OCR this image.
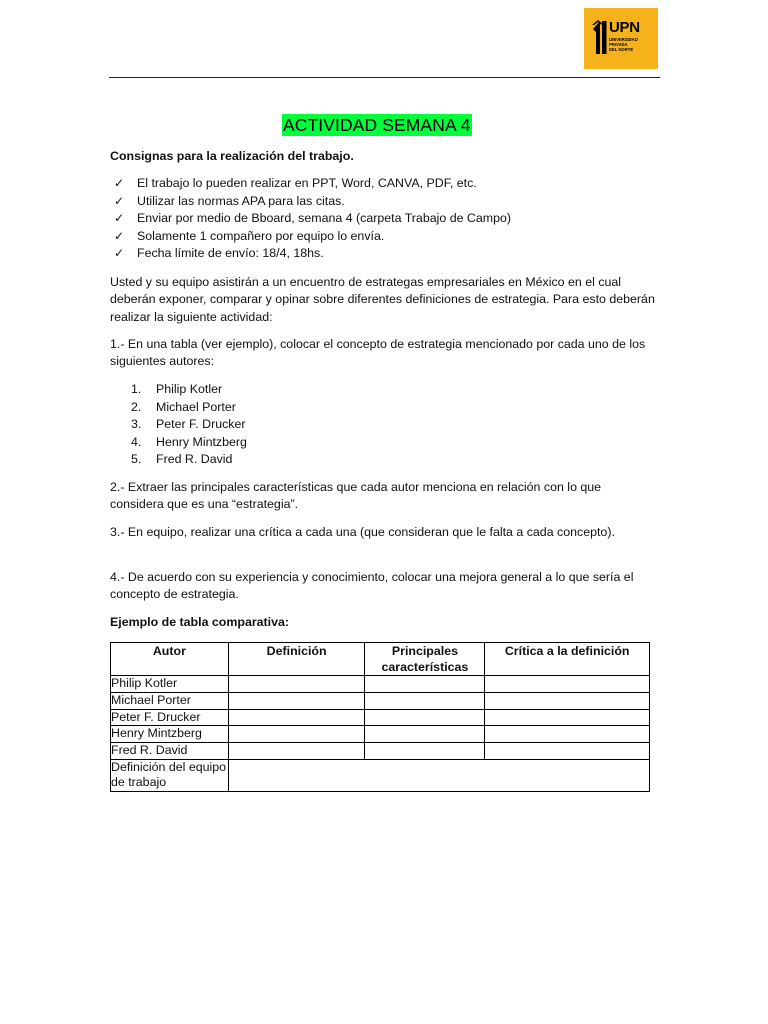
UPN
UNIVERSIDAD
PRIVADA
DEL NORTE
ACTIVIDAD SEMANA 4
Consignas para la realización del trabajo.
✓	El trabajo lo pueden realizar en PPT, Word, CANVA, PDF, etc.
✓	Utilizar las normas APA para las citas.
✓	Enviar por medio de Bboard, semana 4 (carpeta Trabajo de Campo)
✓	Solamente 1 compañero por equipo lo envía.
✓	Fecha límite de envío: 18/4, 18hs.
Usted y su equipo asistirán a un encuentro de estrategas empresariales en México en el cual deberán exponer, comparar y opinar sobre diferentes definiciones de estrategia. Para esto deberán realizar la siguiente actividad:
1.- En una tabla (ver ejemplo), colocar el concepto de estrategia mencionado por cada uno de los siguientes autores:
1.	Philip Kotler
2.	Michael Porter
3.	Peter F. Drucker
4.	Henry Mintzberg
5.	Fred R. David
2.- Extraer las principales características que cada autor menciona en relación con lo que considera que es una “estrategia”.
3.- En equipo, realizar una crítica a cada una (que consideran que le falta a cada concepto).
4.- De acuerdo con su experiencia y conocimiento, colocar una mejora general a lo que sería el concepto de estrategia.
Ejemplo de tabla comparativa:
Autor	Definición	Principales características	Crítica a la definición
Philip Kotler			
Michael Porter			
Peter F. Drucker			
Henry Mintzberg			
Fred R. David			
Definición del equipo de trabajo			
